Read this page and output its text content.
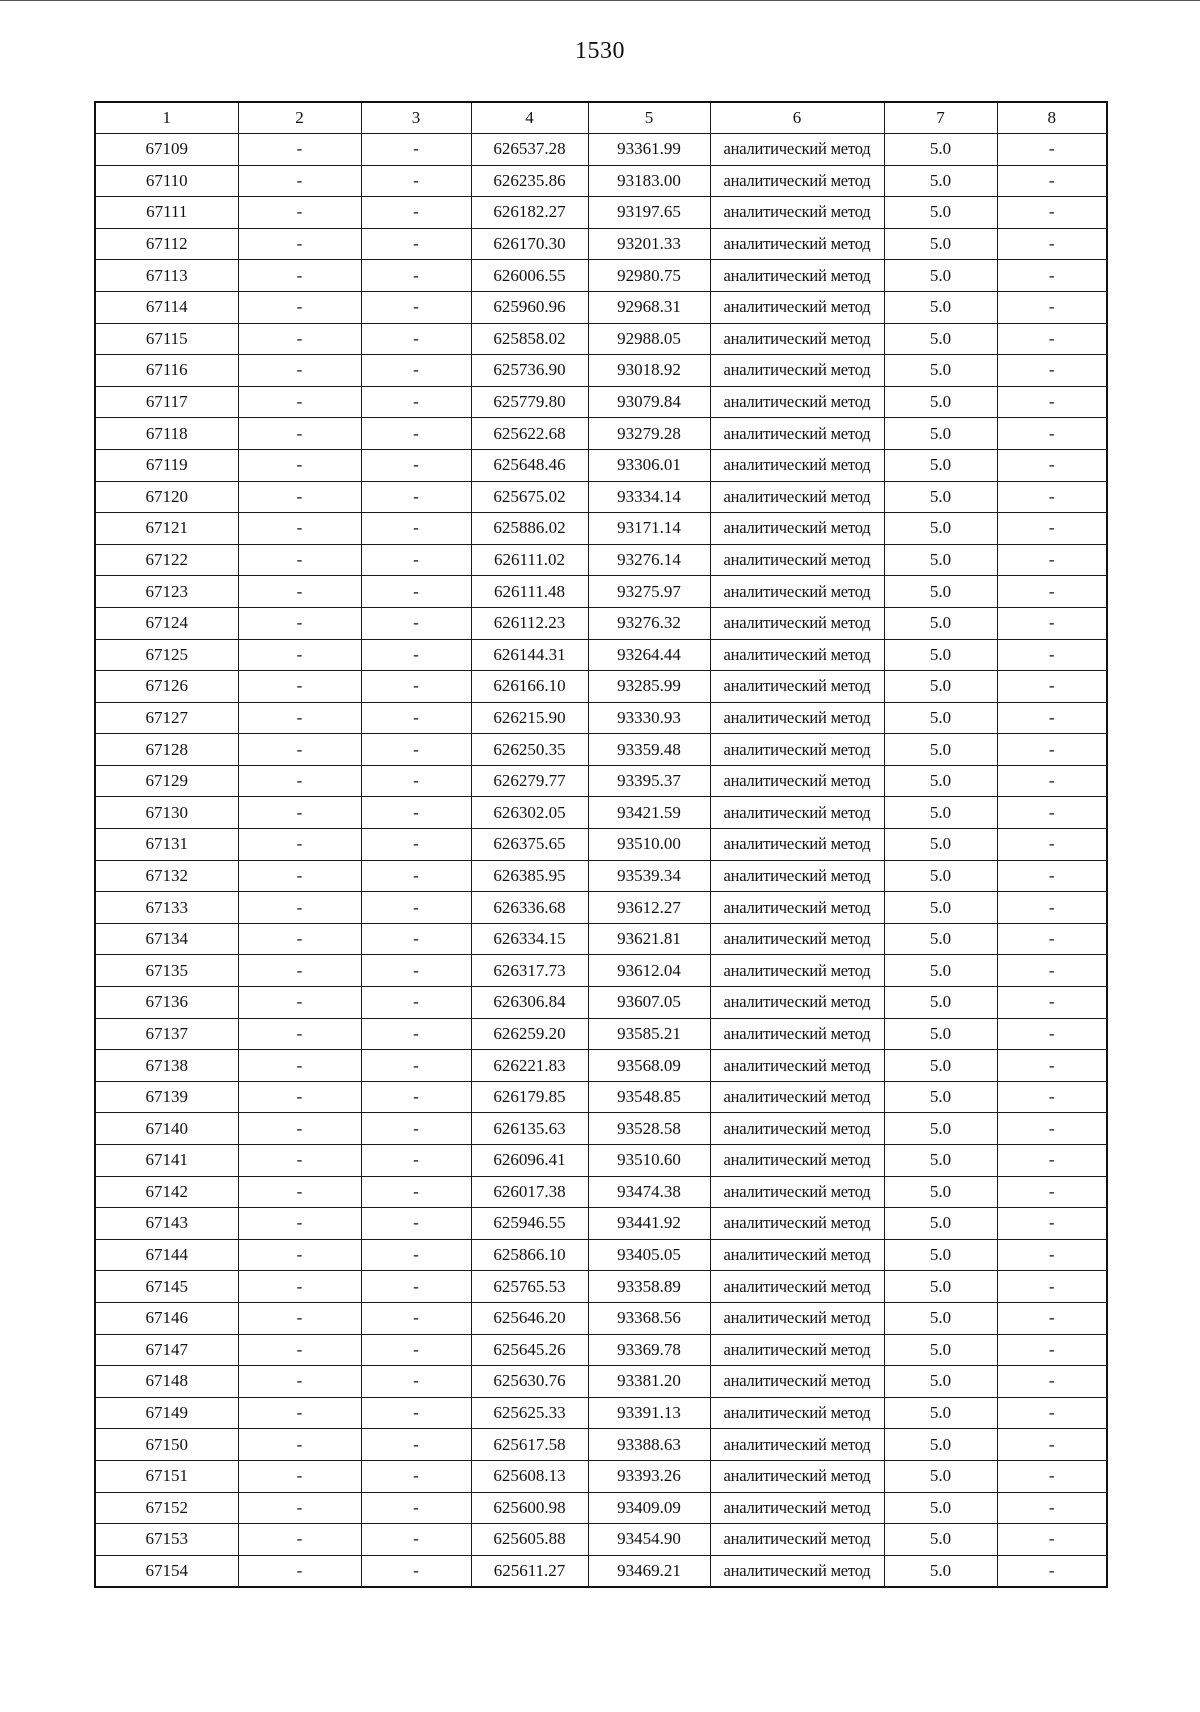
1530
1	2	3	4	5	6	7	8
67109	-	-	626537.28	93361.99	аналитический метод	5.0	-
67110	-	-	626235.86	93183.00	аналитический метод	5.0	-
67111	-	-	626182.27	93197.65	аналитический метод	5.0	-
67112	-	-	626170.30	93201.33	аналитический метод	5.0	-
67113	-	-	626006.55	92980.75	аналитический метод	5.0	-
67114	-	-	625960.96	92968.31	аналитический метод	5.0	-
67115	-	-	625858.02	92988.05	аналитический метод	5.0	-
67116	-	-	625736.90	93018.92	аналитический метод	5.0	-
67117	-	-	625779.80	93079.84	аналитический метод	5.0	-
67118	-	-	625622.68	93279.28	аналитический метод	5.0	-
67119	-	-	625648.46	93306.01	аналитический метод	5.0	-
67120	-	-	625675.02	93334.14	аналитический метод	5.0	-
67121	-	-	625886.02	93171.14	аналитический метод	5.0	-
67122	-	-	626111.02	93276.14	аналитический метод	5.0	-
67123	-	-	626111.48	93275.97	аналитический метод	5.0	-
67124	-	-	626112.23	93276.32	аналитический метод	5.0	-
67125	-	-	626144.31	93264.44	аналитический метод	5.0	-
67126	-	-	626166.10	93285.99	аналитический метод	5.0	-
67127	-	-	626215.90	93330.93	аналитический метод	5.0	-
67128	-	-	626250.35	93359.48	аналитический метод	5.0	-
67129	-	-	626279.77	93395.37	аналитический метод	5.0	-
67130	-	-	626302.05	93421.59	аналитический метод	5.0	-
67131	-	-	626375.65	93510.00	аналитический метод	5.0	-
67132	-	-	626385.95	93539.34	аналитический метод	5.0	-
67133	-	-	626336.68	93612.27	аналитический метод	5.0	-
67134	-	-	626334.15	93621.81	аналитический метод	5.0	-
67135	-	-	626317.73	93612.04	аналитический метод	5.0	-
67136	-	-	626306.84	93607.05	аналитический метод	5.0	-
67137	-	-	626259.20	93585.21	аналитический метод	5.0	-
67138	-	-	626221.83	93568.09	аналитический метод	5.0	-
67139	-	-	626179.85	93548.85	аналитический метод	5.0	-
67140	-	-	626135.63	93528.58	аналитический метод	5.0	-
67141	-	-	626096.41	93510.60	аналитический метод	5.0	-
67142	-	-	626017.38	93474.38	аналитический метод	5.0	-
67143	-	-	625946.55	93441.92	аналитический метод	5.0	-
67144	-	-	625866.10	93405.05	аналитический метод	5.0	-
67145	-	-	625765.53	93358.89	аналитический метод	5.0	-
67146	-	-	625646.20	93368.56	аналитический метод	5.0	-
67147	-	-	625645.26	93369.78	аналитический метод	5.0	-
67148	-	-	625630.76	93381.20	аналитический метод	5.0	-
67149	-	-	625625.33	93391.13	аналитический метод	5.0	-
67150	-	-	625617.58	93388.63	аналитический метод	5.0	-
67151	-	-	625608.13	93393.26	аналитический метод	5.0	-
67152	-	-	625600.98	93409.09	аналитический метод	5.0	-
67153	-	-	625605.88	93454.90	аналитический метод	5.0	-
67154	-	-	625611.27	93469.21	аналитический метод	5.0	-
